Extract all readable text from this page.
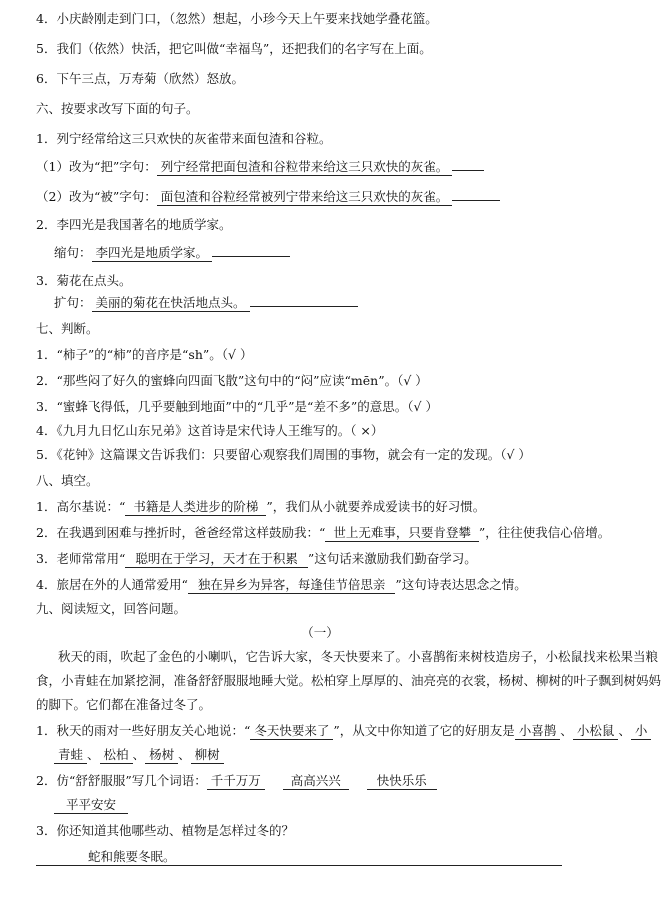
4．小庆龄刚走到门口，（忽然）想起，小珍今天上午要来找她学叠花篮。
5．我们（依然）快活，把它叫做“幸福鸟”，还把我们的名字写在上面。
6．下午三点，万寿菊（欣然）怒放。
六、按要求改写下面的句子。
1．列宁经常给这三只欢快的灰雀带来面包渣和谷粒。
（1）改为“把”字句： 列宁经常把面包渣和谷粒带来给这三只欢快的灰雀。
（2）改为“被”字句： 面包渣和谷粒经常被列宁带来给这三只欢快的灰雀。
2．李四光是我国著名的地质学家。
缩句： 李四光是地质学家。
3．菊花在点头。
扩句： 美丽的菊花在快活地点头。
七、判断。
1．“柿子”的“柿”的音序是“sh”。（√ ）
2．“那些闷了好久的蜜蜂向四面飞散”这句中的“闷”应读“mēn”。（√ ）
3．“蜜蜂飞得低，几乎要触到地面”中的“几乎”是“差不多”的意思。（√ ）
4．《九月九日忆山东兄弟》这首诗是宋代诗人王维写的。（ ×）
5．《花钟》这篇课文告诉我们：只要留心观察我们周围的事物，就会有一定的发现。（√ ）
八、填空。
1．高尔基说：“ 书籍是人类进步的阶梯 ”，我们从小就要养成爱读书的好习惯。
2．在我遇到困难与挫折时，爸爸经常这样鼓励我：“ 世上无难事，只要肯登攀 ”，往往使我信心倍增。
3．老师常常用“ 聪明在于学习，天才在于积累 ”这句话来激励我们勤奋学习。
4．旅居在外的人通常爱用“ 独在异乡为异客，每逢佳节倍思亲 ”这句诗表达思念之情。
九、阅读短文，回答问题。
（一）
秋天的雨，吹起了金色的小喇叭，它告诉大家，冬天快要来了。小喜鹊衔来树枝造房子，小松鼠找来松果当粮
食，小青蛙在加紧挖洞，准备舒舒服服地睡大觉。松柏穿上厚厚的、油亮亮的衣裳，杨树、柳树的叶子飘到树妈妈
的脚下。它们都在准备过冬了。
1．秋天的雨对一些好朋友关心地说：“ 冬天快要来了 ”，从文中你知道了它的好朋友是 小喜鹊 、 小松鼠 、 小
青蛙 、 松柏 、 杨树 、 柳树
2．仿“舒舒服服”写几个词语： 千千万万 高高兴兴	快快乐乐
平平安安
3．你还知道其他哪些动、植物是怎样过冬的？
蛇和熊要冬眠。
